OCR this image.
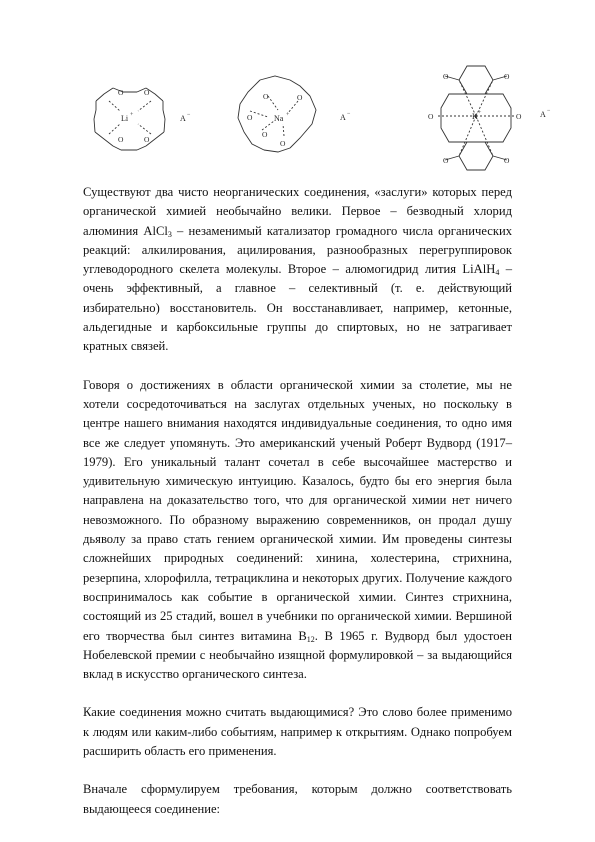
O	O
O	O
Li +	A −
O	O
O
O
O
Na +	A −
O	O
O	O
O	O
K +	A −

Существуют два чисто неорганических соединения, «заслуги» которых перед органической химией необычайно велики. Первое – безводный хлорид алюминия AlCl$_3$ – незаменимый катализатор громадного числа органических реакций: алкилирования, ацилирования, разнообразных перегруппировок углеводородного скелета молекулы. Второе – алюмогидрид лития LiAlH$_4$ – очень эффективный, а главное – селективный (т. е. действующий избирательно) восстановитель. Он восстанавливает, например, кетонные, альдегидные и карбоксильные группы до спиртовых, но не затрагивает кратных связей.

Говоря о достижениях в области органической химии за столетие, мы не хотели сосредоточиваться на заслугах отдельных ученых, но поскольку в центре нашего внимания находятся индивидуальные соединения, то одно имя все же следует упомянуть. Это американский ученый Роберт Вудворд (1917–1979). Его уникальный талант сочетал в себе высочайшее мастерство и удивительную химическую интуицию. Казалось, будто бы его энергия была направлена на доказательство того, что для органической химии нет ничего невозможного. По образному выражению современников, он продал душу дьяволу за право стать гением органической химии. Им проведены синтезы сложнейших природных соединений: хинина, холестерина, стрихнина, резерпина, хлорофилла, тетрациклина и некоторых других. Получение каждого воспринималось как событие в органической химии. Синтез стрихнина, состоящий из 25 стадий, вошел в учебники по органической химии. Вершиной его творчества был синтез витамина $B_{12}$. В 1965 г. Вудворд был удостоен Нобелевской премии с необычайно изящной формулировкой – за выдающийся вклад в искусство органического синтеза.

Какие соединения можно считать выдающимися? Это слово более применимо к людям или каким-либо событиям, например к открытиям. Однако попробуем расширить область его применения.

Вначале сформулируем требования, которым должно соответствовать выдающееся соединение:
